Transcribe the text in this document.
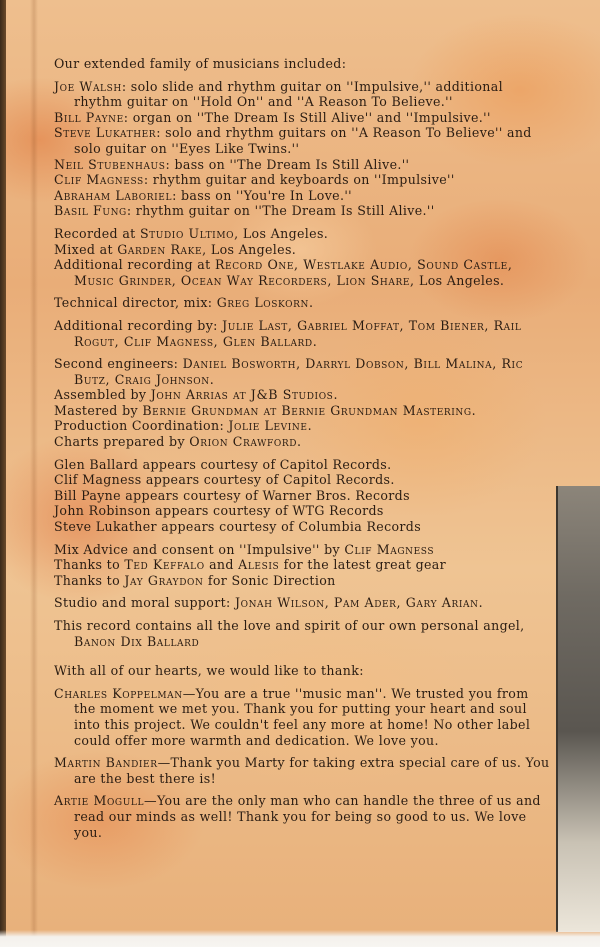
Our extended family of musicians included:

Joe Walsh: solo slide and rhythm guitar on ''Impulsive,'' additional rhythm guitar on ''Hold On'' and ''A Reason To Believe.''

Bill Payne: organ on ''The Dream Is Still Alive'' and ''Impulsive.''

Steve Lukather: solo and rhythm guitars on ''A Reason To Believe'' and solo guitar on ''Eyes Like Twins.''

Neil Stubenhaus: bass on ''The Dream Is Still Alive.''

Clif Magness: rhythm guitar and keyboards on ''Impulsive''

Abraham Laboriel: bass on ''You're In Love.''

Basil Fung: rhythm guitar on ''The Dream Is Still Alive.''

Recorded at Studio Ultimo, Los Angeles.

Mixed at Garden Rake, Los Angeles.

Additional recording at Record One, Westlake Audio, Sound Castle, Music Grinder, Ocean Way Recorders, Lion Share, Los Angeles.

Technical director, mix: Greg Loskorn.

Additional recording by: Julie Last, Gabriel Moffat, Tom Biener, Rail Rogut, Clif Magness, Glen Ballard.

Second engineers: Daniel Bosworth, Darryl Dobson, Bill Malina, Ric Butz, Craig Johnson.

Assembled by John Arrias at J&B Studios.

Mastered by Bernie Grundman at Bernie Grundman Mastering.

Production Coordination: Jolie Levine.

Charts prepared by Orion Crawford.

Glen Ballard appears courtesy of Capitol Records.

Clif Magness appears courtesy of Capitol Records.

Bill Payne appears courtesy of Warner Bros. Records

John Robinson appears courtesy of WTG Records

Steve Lukather appears courtesy of Columbia Records

Mix Advice and consent on ''Impulsive'' by Clif Magness

Thanks to Ted Keffalo and Alesis for the latest great gear

Thanks to Jay Graydon for Sonic Direction

Studio and moral support: Jonah Wilson, Pam Ader, Gary Arian.

This record contains all the love and spirit of our own personal angel, Banon Dix Ballard

With all of our hearts, we would like to thank:

Charles Koppelman—You are a true ''music man''. We trusted you from the moment we met you. Thank you for putting your heart and soul into this project. We couldn't feel any more at home! No other label could offer more warmth and dedication. We love you.

Martin Bandier—Thank you Marty for taking extra special care of us. You are the best there is!

Artie Mogull—You are the only man who can handle the three of us and read our minds as well! Thank you for being so good to us. We love you.
